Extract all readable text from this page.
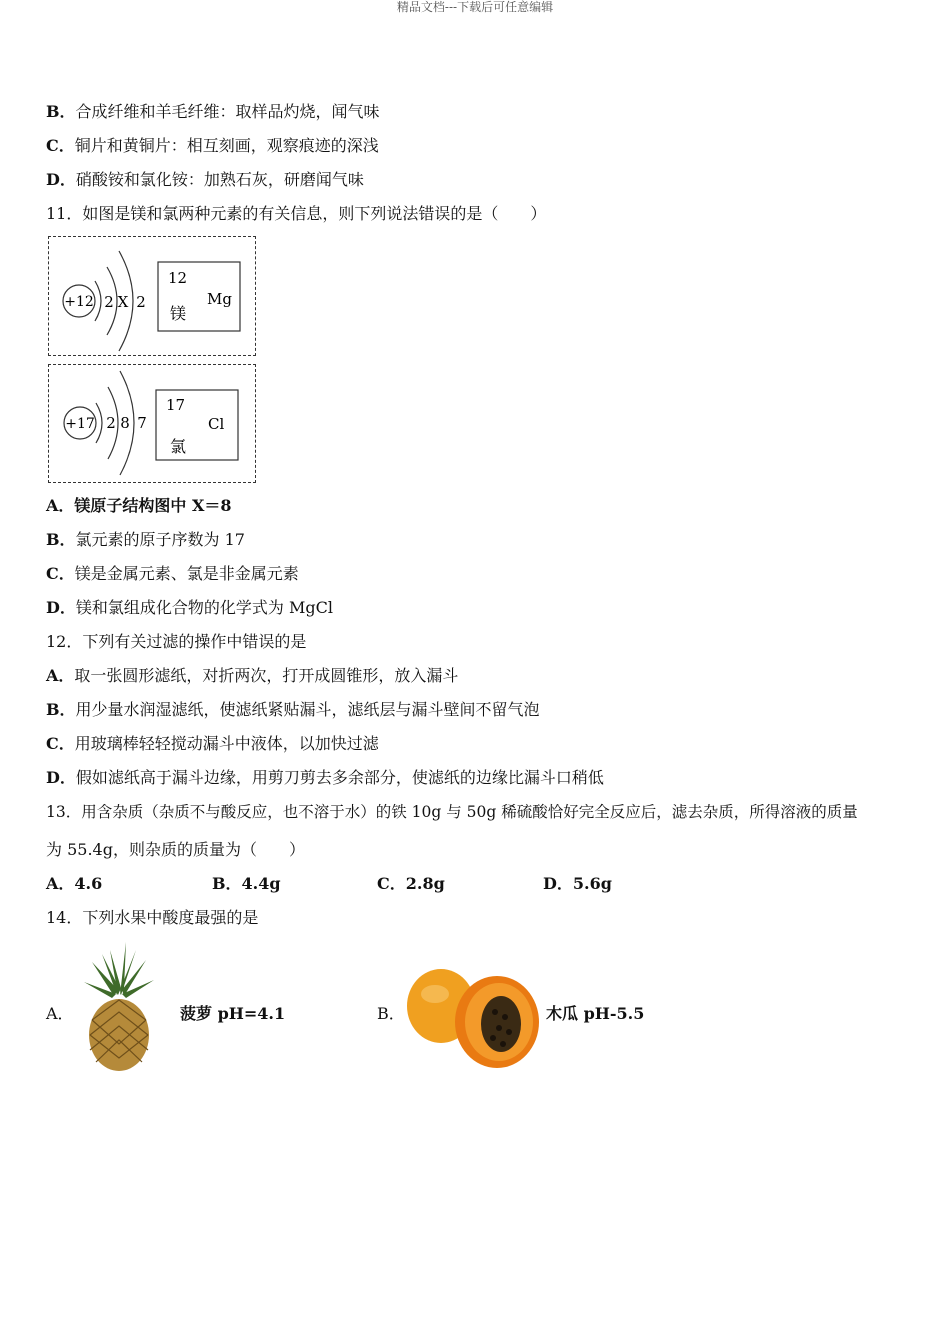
精品文档---下载后可任意编辑
B．合成纤维和羊毛纤维：取样品灼烧，闻气味
C．铜片和黄铜片：相互刻画，观察痕迹的深浅
D．硝酸铵和氯化铵：加熟石灰，研磨闻气味
11．如图是镁和氯两种元素的有关信息，则下列说法错误的是（　　）
+12 2 X 2
12
Mg
镁
+17 2 8 7
17
Cl
氯
A．镁原子结构图中 X＝8
B．氯元素的原子序数为 17
C．镁是金属元素、氯是非金属元素
D．镁和氯组成化合物的化学式为 MgCl
12．下列有关过滤的操作中错误的是
A．取一张圆形滤纸，对折两次，打开成圆锥形，放入漏斗
B．用少量水润湿滤纸，使滤纸紧贴漏斗，滤纸层与漏斗壁间不留气泡
C．用玻璃棒轻轻搅动漏斗中液体，以加快过滤
D．假如滤纸高于漏斗边缘，用剪刀剪去多余部分，使滤纸的边缘比漏斗口稍低
13．用含杂质（杂质不与酸反应，也不溶于水）的铁 10g 与 50g 稀硫酸恰好完全反应后，滤去杂质，所得溶液的质量
为 55.4g，则杂质的质量为（　　）
A．4.6	B．4.4g	C．2.8g	D．5.6g
14．下列水果中酸度最强的是
A．	菠萝 pH=4.1	B．	木瓜 pH-5.5
